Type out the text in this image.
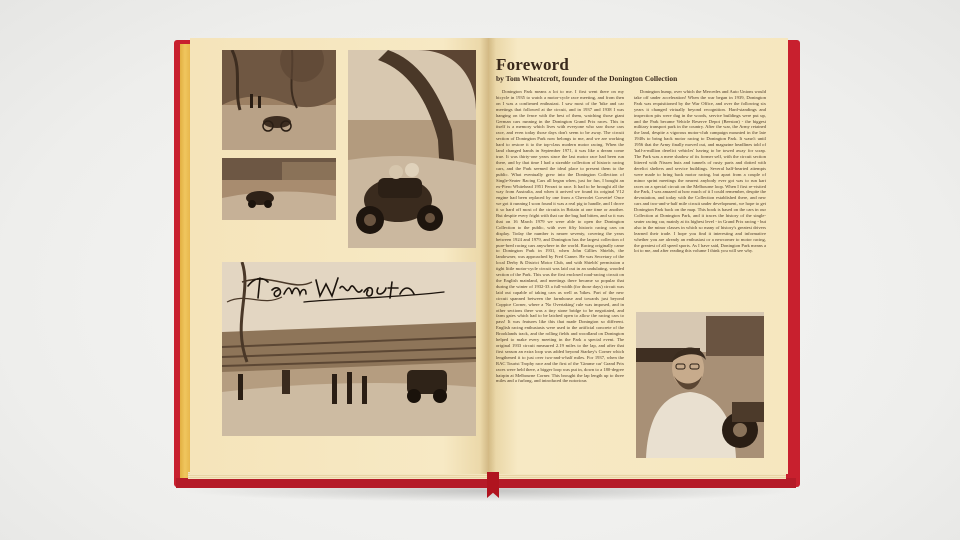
Foreword
by Tom Wheatcroft, founder of the Donington Collection

Donington Park means a lot to me. I first went there on my bicycle in 1935 to watch a motor-cycle race meeting, and from then on I was a confirmed enthusiast. I saw most of the 'bike and car meetings that followed at the circuit, and in 1937 and 1938 I was hanging on the fence with the best of them, watching those giant German cars running in the Donington Grand Prix races. This in itself is a memory which lives with everyone who saw those cars race, and even today those days don't seem to be away. The circuit section of Donington Park now belongs to me, and we are working hard to restore it to the top-class modern motor racing. When the land changed hands in September 1971, it was like a dream come true. It was thirty-one years since the last motor race had been run there, and by that time I had a sizeable collection of historic racing cars, and the Park seemed the ideal place to present them to the public. What eventually grew into the Donington Collection of Single-Seater Racing Cars all began when, just for fun, I bought an ex-Piero Whitehead 1951 Ferrari to race. It had to be brought all the way from Australia, and when it arrived we found its original V12 engine had been replaced by one from a Chevrolet Corvette! Once we got it running I soon found it was a real pig to handle, and I drove it so hard off most of the circuits in Britain at one time or another. But despite every fright with that car the bug had bitten, and so it was that on 16 March 1979 we were able to open the Donington Collection to the public, with over fifty historic racing cars on display. Today the number is nearer seventy, covering the years between 1924 and 1979, and Donington has the largest collection of pure-bred racing cars anywhere in the world. Racing originally came to Donington Park in 1931, when John Gillies Shields, the landowner, was approached by Fred Craner. He was Secretary of the local Derby & District Motor Club, and with Shields' permission a tight little motor-cycle circuit was laid out in an undulating, wooded section of the Park. This was the first enclosed road-racing circuit on the English mainland, and meetings there became so popular that during the winter of 1932-33 a full-width (for those days) circuit was laid out capable of taking cars as well as 'bikes. Part of the new circuit spanned between the farmhouse and towards just beyond Coppice Corner, where a 'No Overtaking' rule was imposed, and in other sections there was a tiny stone bridge to be negotiated, and farm gates which had to be latched open to allow the racing cars to pass! It was features like this that made Donington so different. English racing enthusiasts were used to the artificial concrete of the Brooklands track, and the rolling fields and woodland on Donington helped to make every meeting in the Park a special event. The original 1933 circuit measured 2.19 miles to the lap, and after that first season an extra loop was added beyond Starkey's Corner which lengthened it to just over two-and-a-half miles. For 1937, when the RAC Tourist Trophy race and the first of the 'Gimme car' Grand Prix races were held there, a bigger loop was put in, down to a 180-degree hairpin at Melbourne Corner. This brought the lap length up to three miles and a furlong, and introduced the notorious

Donington hump, over which the Mercedes and Auto Unions would take off under acceleration! When the war began in 1939, Donington Park was requisitioned by the War Office, and over the following six years it changed virtually beyond recognition. Hard-standings and inspection pits were dug in the woods, service buildings were put up, and the Park became Vehicle Reserve Depot (Beeston) - the biggest military transport park in the country. After the war, the Army retained the land, despite a vigorous motor-club campaign mounted in the late 1940s to bring back motor racing to Donington Park. It wasn't until 1956 that the Army finally moved out, and magazine headlines told of 'half-a-million derelict vehicles' having to be towed away for scrap. The Park was a mere shadow of its former self, with the circuit section littered with Nissen huts and tunnels of rusty parts and dotted with derelict shelters and service buildings. Several half-hearted attempts were made to bring back motor racing, but apart from a couple of minor sprint meetings the nearest anybody ever got was to run kart races on a special circuit on the Melbourne loop. When I first re-visited the Park, I was amazed at how much of it I could remember, despite the devastation, and today with the Collection established there, and new cars and two-and-a-half mile circuit under development, we hope to get Donington Park back on the map. This book is based on the cars in our Collection at Donington Park, and it traces the history of the single-seater racing car, mainly at its highest level - in Grand Prix racing - but also in the minor classes in which so many of history's greatest drivers learned their trade. I hope you find it interesting and informative whether you are already an enthusiast or a newcomer to motor racing, the greatest of all speed sports. As I have said, Donington Park means a lot to me, and after reading this volume I think you will see why.
